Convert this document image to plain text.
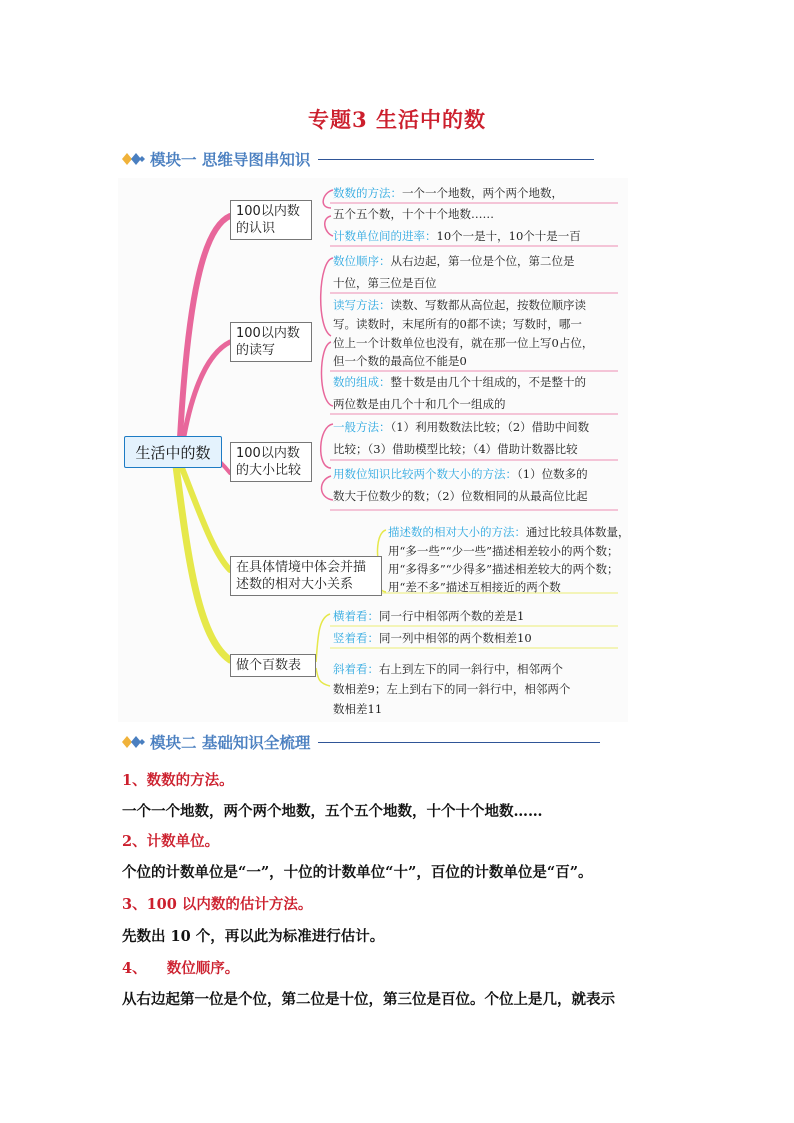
专题3 生活中的数
模块一 思维导图串知识
生活中的数
100以内数的认识
100以内数的读写
100以内数的大小比较
在具体情境中体会并描述数的相对大小关系
做个百数表
数数的方法：一个一个地数，两个两个地数，
五个五个数，十个十个地数……
计数单位间的进率：10个一是十，10个十是一百
数位顺序：从右边起，第一位是个位，第二位是
十位，第三位是百位
读写方法：读数、写数都从高位起，按数位顺序读
写。读数时，末尾所有的0都不读；写数时，哪一
位上一个计数单位也没有，就在那一位上写0占位，
但一个数的最高位不能是0
数的组成：整十数是由几个十组成的，不是整十的
两位数是由几个十和几个一组成的
一般方法：（1）利用数数法比较；（2）借助中间数
比较；（3）借助模型比较；（4）借助计数器比较
用数位知识比较两个数大小的方法：（1）位数多的
数大于位数少的数；（2）位数相同的从最高位比起
描述数的相对大小的方法：通过比较具体数量，
用“多一些”“少一些”描述相差较小的两个数；
用“多得多”“少得多”描述相差较大的两个数；
用“差不多”描述互相接近的两个数
横着看：同一行中相邻两个数的差是1
竖着看：同一列中相邻的两个数相差10
斜着看：右上到左下的同一斜行中，相邻两个
数相差9；左上到右下的同一斜行中，相邻两个
数相差11
模块二 基础知识全梳理
1、数数的方法。
一个一个地数，两个两个地数，五个五个地数，十个十个地数……
2、计数单位。
个位的计数单位是“一”，十位的计数单位“十”，百位的计数单位是“百”。
3、100 以内数的估计方法。
先数出 10 个，再以此为标准进行估计。
4、    数位顺序。
从右边起第一位是个位，第二位是十位，第三位是百位。个位上是几，就表示
